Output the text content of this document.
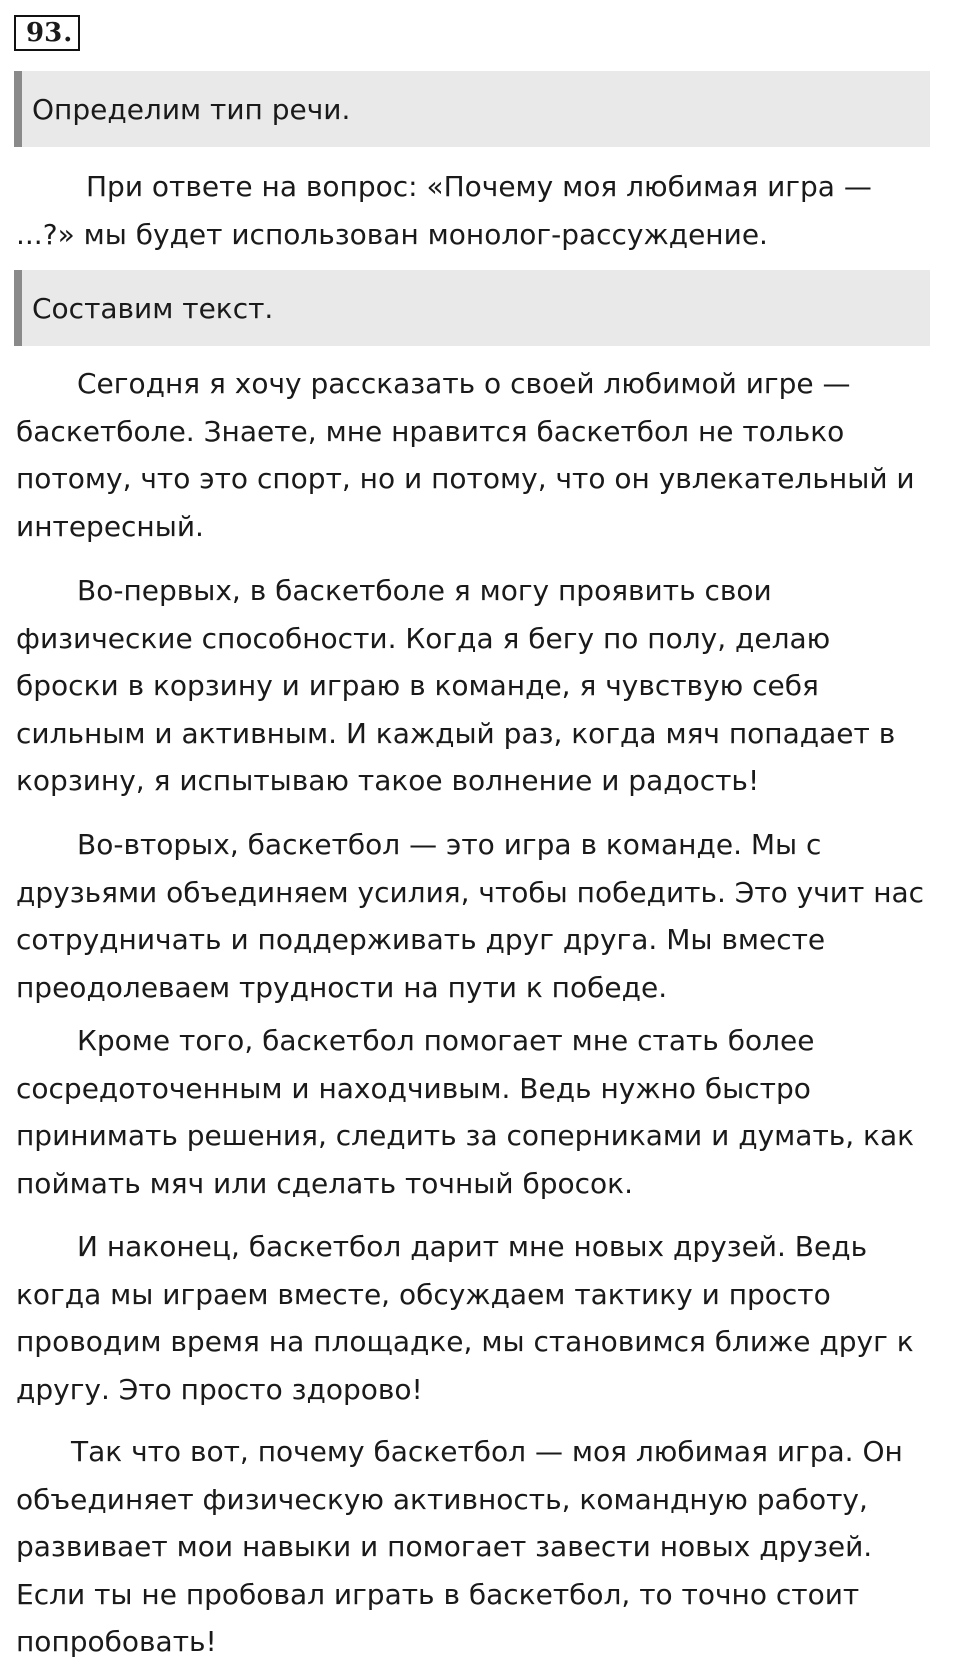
93 .
Определим тип речи.
При ответе на вопрос: «Почему моя любимая игра —
...?» мы будет использован монолог-рассуждение.
Составим текст.
Сегодня я хочу рассказать о своей любимой игре —
баскетболе. Знаете, мне нравится баскетбол не только
потому, что это спорт, но и потому, что он увлекательный и
интересный.
Во-первых, в баскетболе я могу проявить свои
физические способности. Когда я бегу по полу, делаю
броски в корзину и играю в команде, я чувствую себя
сильным и активным. И каждый раз, когда мяч попадает в
корзину, я испытываю такое волнение и радость!
Во-вторых, баскетбол — это игра в команде. Мы с
друзьями объединяем усилия, чтобы победить. Это учит нас
сотрудничать и поддерживать друг друга. Мы вместе
преодолеваем трудности на пути к победе.
Кроме того, баскетбол помогает мне стать более
сосредоточенным и находчивым. Ведь нужно быстро
принимать решения, следить за соперниками и думать, как
поймать мяч или сделать точный бросок.
И наконец, баскетбол дарит мне новых друзей. Ведь
когда мы играем вместе, обсуждаем тактику и просто
проводим время на площадке, мы становимся ближе друг к
другу. Это просто здорово!
Так что вот, почему баскетбол — моя любимая игра. Он
объединяет физическую активность, командную работу,
развивает мои навыки и помогает завести новых друзей.
Если ты не пробовал играть в баскетбол, то точно стоит
попробовать!
